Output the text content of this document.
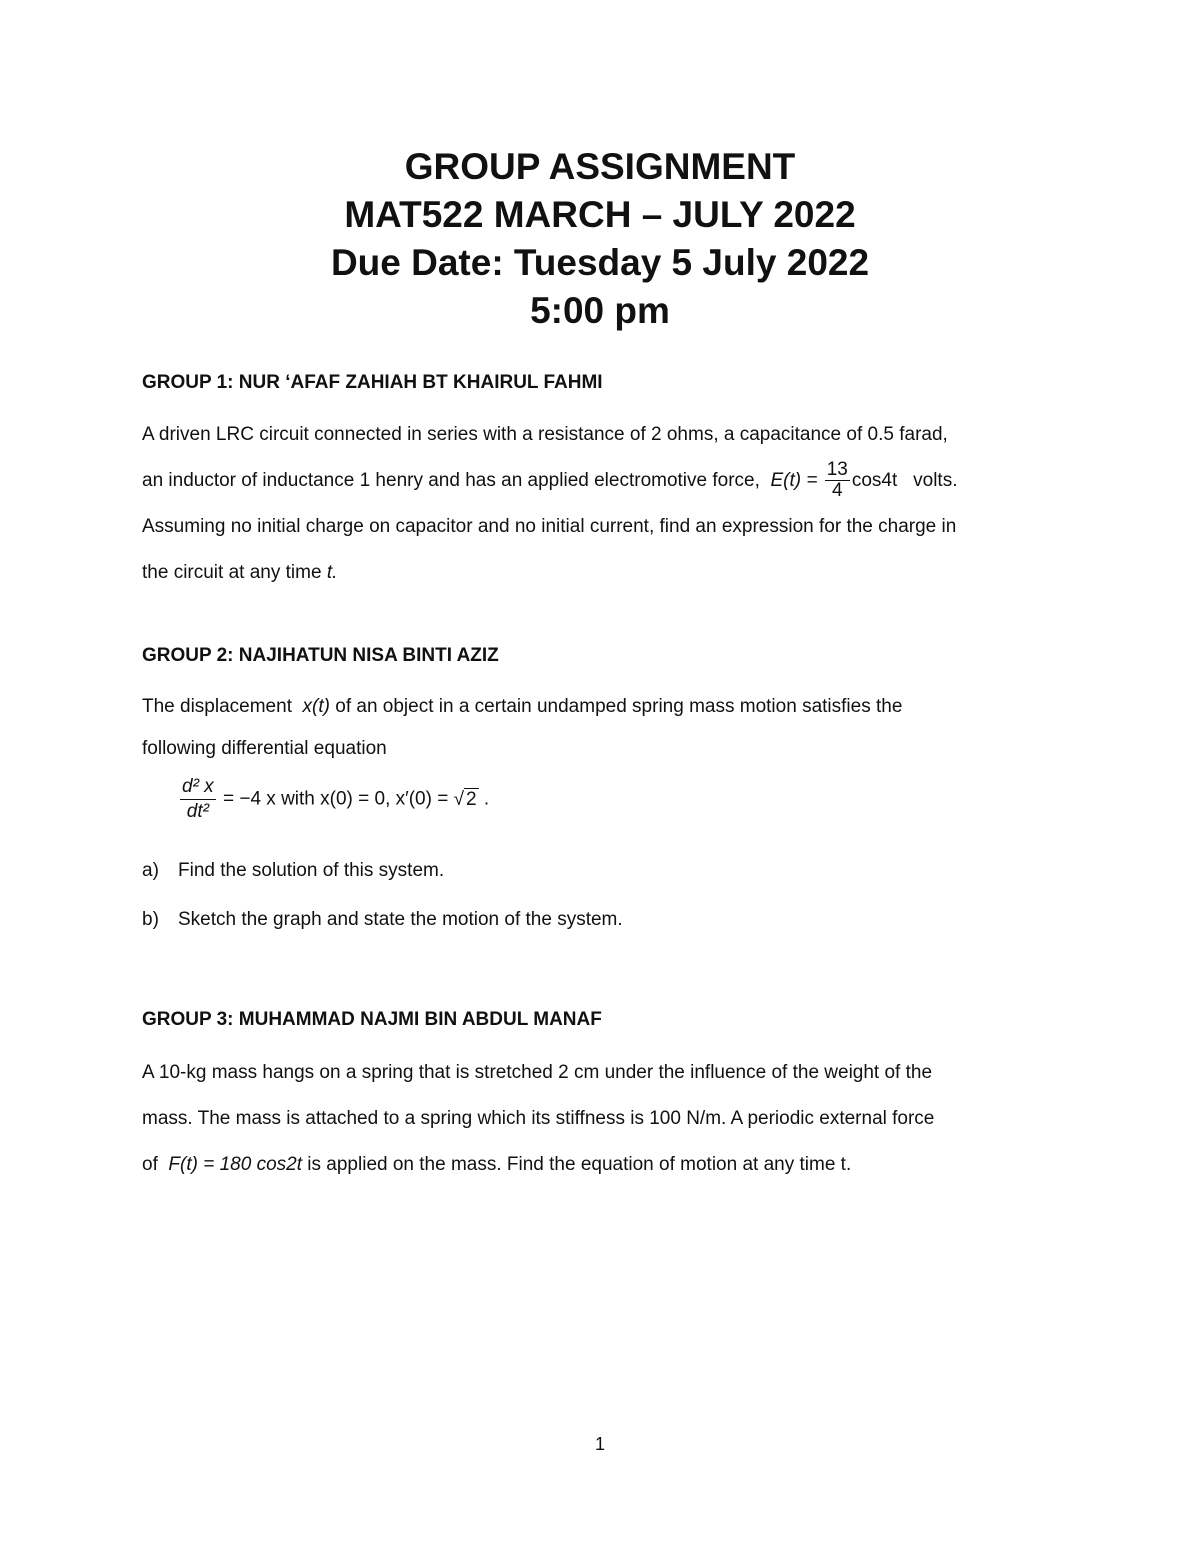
GROUP ASSIGNMENT
MAT522 MARCH – JULY 2022
Due Date: Tuesday 5 July 2022
5:00 pm
GROUP 1: NUR ‘AFAF ZAHIAH BT KHAIRUL FAHMI
A driven LRC circuit connected in series with a resistance of 2 ohms, a capacitance of 0.5 farad,
an inductor of inductance 1 henry and has an applied electromotive force, $E(t) = \frac{13}{4} \cos 4t$ volts.
Assuming no initial charge on capacitor and no initial current, find an expression for the charge in
the circuit at any time t.
GROUP 2: NAJIHATUN NISA BINTI AZIZ
The displacement x(t) of an object in a certain undamped spring mass motion satisfies the
following differential equation
$\frac{\text{d² x}}{\text{dt²}} = -4$ x with x(0) = 0, x′(0) = √ 2 .
a) Find the solution of this system.
b) Sketch the graph and state the motion of the system.
GROUP 3: MUHAMMAD NAJMI BIN ABDUL MANAF
A 10-kg mass hangs on a spring that is stretched 2 cm under the influence of the weight of the
mass. The mass is attached to a spring which its stiffness is 100 N/m. A periodic external force
of F(t) = 180 cos2t is applied on the mass. Find the equation of motion at any time t.
1
